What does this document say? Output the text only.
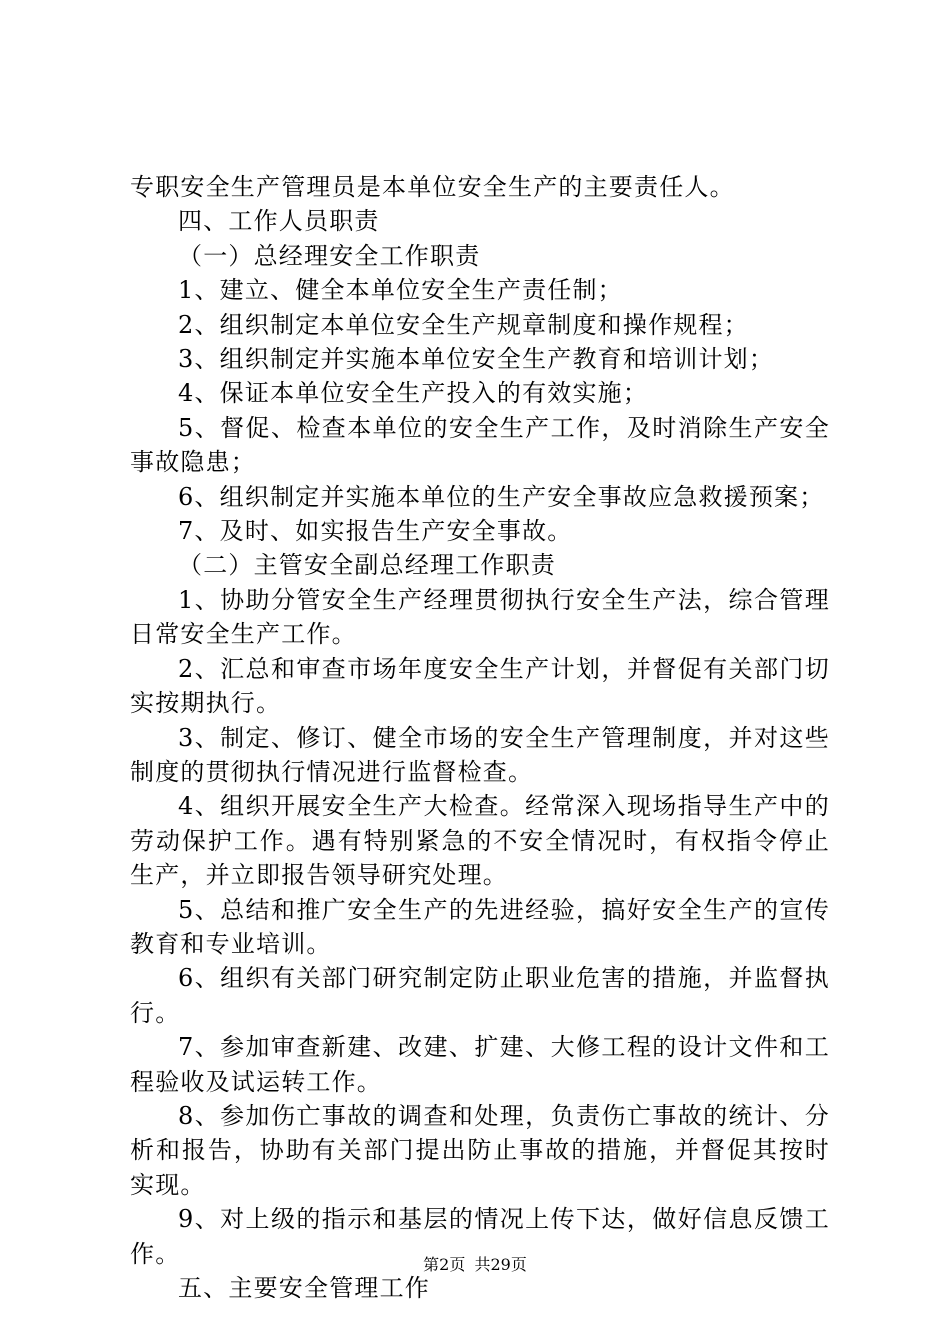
专职安全生产管理员是本单位安全生产的主要责任人。

四、工作人员职责

（一）总经理安全工作职责

1、建立、健全本单位安全生产责任制；

2、组织制定本单位安全生产规章制度和操作规程；

3、组织制定并实施本单位安全生产教育和培训计划；

4、保证本单位安全生产投入的有效实施；

5、督促、检查本单位的安全生产工作，及时消除生产安全事故隐患；

6、组织制定并实施本单位的生产安全事故应急救援预案；

7、及时、如实报告生产安全事故。

（二）主管安全副总经理工作职责

1、协助分管安全生产经理贯彻执行安全生产法，综合管理日常安全生产工作。

2、汇总和审查市场年度安全生产计划，并督促有关部门切实按期执行。

3、制定、修订、健全市场的安全生产管理制度，并对这些制度的贯彻执行情况进行监督检查。

4、组织开展安全生产大检查。经常深入现场指导生产中的劳动保护工作。遇有特别紧急的不安全情况时，有权指令停止生产，并立即报告领导研究处理。

5、总结和推广安全生产的先进经验，搞好安全生产的宣传教育和专业培训。

6、组织有关部门研究制定防止职业危害的措施，并监督执行。

7、参加审查新建、改建、扩建、大修工程的设计文件和工程验收及试运转工作。

8、参加伤亡事故的调查和处理，负责伤亡事故的统计、分析和报告，协助有关部门提出防止事故的措施，并督促其按时实现。

9、对上级的指示和基层的情况上传下达，做好信息反馈工作。

五、主要安全管理工作

第2页 共29页
